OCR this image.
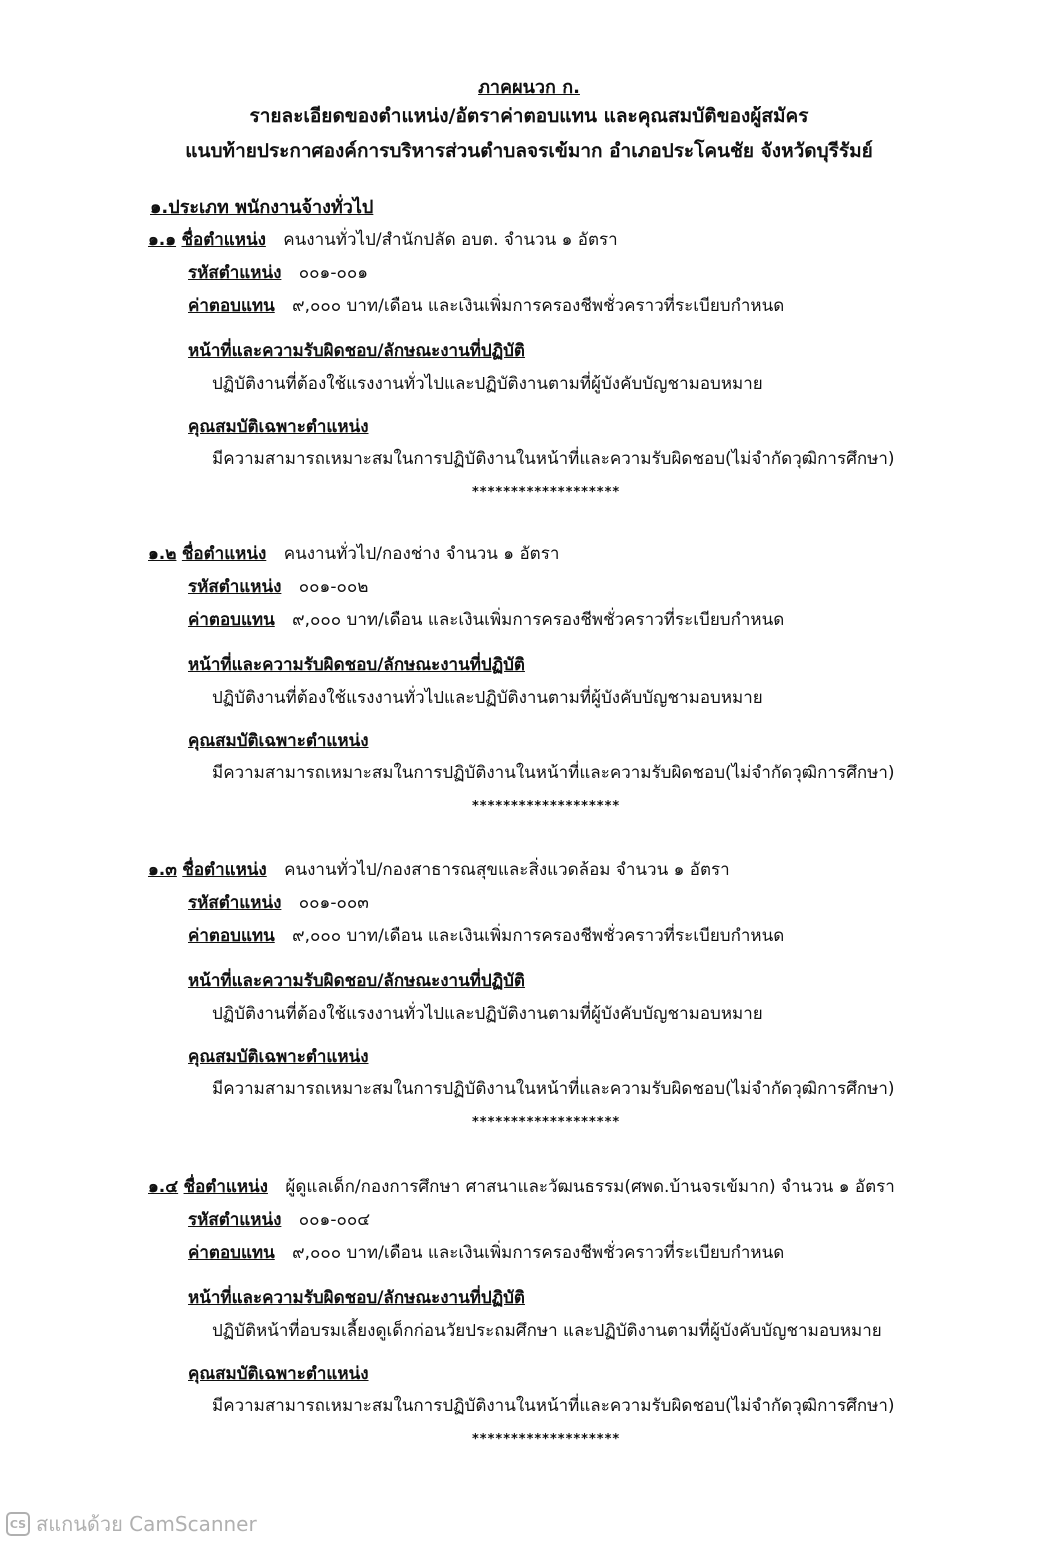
ภาคผนวก ก.
รายละเอียดของตำแหน่ง/อัตราค่าตอบแทน และคุณสมบัติของผู้สมัคร
แนบท้ายประกาศองค์การบริหารส่วนตำบลจรเข้มาก อำเภอประโคนชัย จังหวัดบุรีรัมย์
๑.ประเภท พนักงานจ้างทั่วไป
๑.๑ ชื่อตำแหน่ง คนงานทั่วไป/สำนักปลัด อบต. จำนวน ๑ อัตรา
รหัสตำแหน่ง ๐๐๑-๐๐๑
ค่าตอบแทน ๙,๐๐๐ บาท/เดือน และเงินเพิ่มการครองชีพชั่วคราวที่ระเบียบกำหนด
หน้าที่และความรับผิดชอบ/ลักษณะงานที่ปฏิบัติ
ปฏิบัติงานที่ต้องใช้แรงงานทั่วไปและปฏิบัติงานตามที่ผู้บังคับบัญชามอบหมาย
คุณสมบัติเฉพาะตำแหน่ง
มีความสามารถเหมาะสมในการปฏิบัติงานในหน้าที่และความรับผิดชอบ(ไม่จำกัดวุฒิการศึกษา)
*******************
๑.๒ ชื่อตำแหน่ง คนงานทั่วไป/กองช่าง จำนวน ๑ อัตรา
รหัสตำแหน่ง ๐๐๑-๐๐๒
ค่าตอบแทน ๙,๐๐๐ บาท/เดือน และเงินเพิ่มการครองชีพชั่วคราวที่ระเบียบกำหนด
หน้าที่และความรับผิดชอบ/ลักษณะงานที่ปฏิบัติ
ปฏิบัติงานที่ต้องใช้แรงงานทั่วไปและปฏิบัติงานตามที่ผู้บังคับบัญชามอบหมาย
คุณสมบัติเฉพาะตำแหน่ง
มีความสามารถเหมาะสมในการปฏิบัติงานในหน้าที่และความรับผิดชอบ(ไม่จำกัดวุฒิการศึกษา)
*******************
๑.๓ ชื่อตำแหน่ง คนงานทั่วไป/กองสาธารณสุขและสิ่งแวดล้อม จำนวน ๑ อัตรา
รหัสตำแหน่ง ๐๐๑-๐๐๓
ค่าตอบแทน ๙,๐๐๐ บาท/เดือน และเงินเพิ่มการครองชีพชั่วคราวที่ระเบียบกำหนด
หน้าที่และความรับผิดชอบ/ลักษณะงานที่ปฏิบัติ
ปฏิบัติงานที่ต้องใช้แรงงานทั่วไปและปฏิบัติงานตามที่ผู้บังคับบัญชามอบหมาย
คุณสมบัติเฉพาะตำแหน่ง
มีความสามารถเหมาะสมในการปฏิบัติงานในหน้าที่และความรับผิดชอบ(ไม่จำกัดวุฒิการศึกษา)
*******************
๑.๔ ชื่อตำแหน่ง ผู้ดูแลเด็ก/กองการศึกษา ศาสนาและวัฒนธรรม(ศพด.บ้านจรเข้มาก) จำนวน ๑ อัตรา
รหัสตำแหน่ง ๐๐๑-๐๐๔
ค่าตอบแทน ๙,๐๐๐ บาท/เดือน และเงินเพิ่มการครองชีพชั่วคราวที่ระเบียบกำหนด
หน้าที่และความรับผิดชอบ/ลักษณะงานที่ปฏิบัติ
ปฏิบัติหน้าที่อบรมเลี้ยงดูเด็กก่อนวัยประถมศึกษา และปฏิบัติงานตามที่ผู้บังคับบัญชามอบหมาย
คุณสมบัติเฉพาะตำแหน่ง
มีความสามารถเหมาะสมในการปฏิบัติงานในหน้าที่และความรับผิดชอบ(ไม่จำกัดวุฒิการศึกษา)
*******************
CS สแกนด้วย CamScanner
